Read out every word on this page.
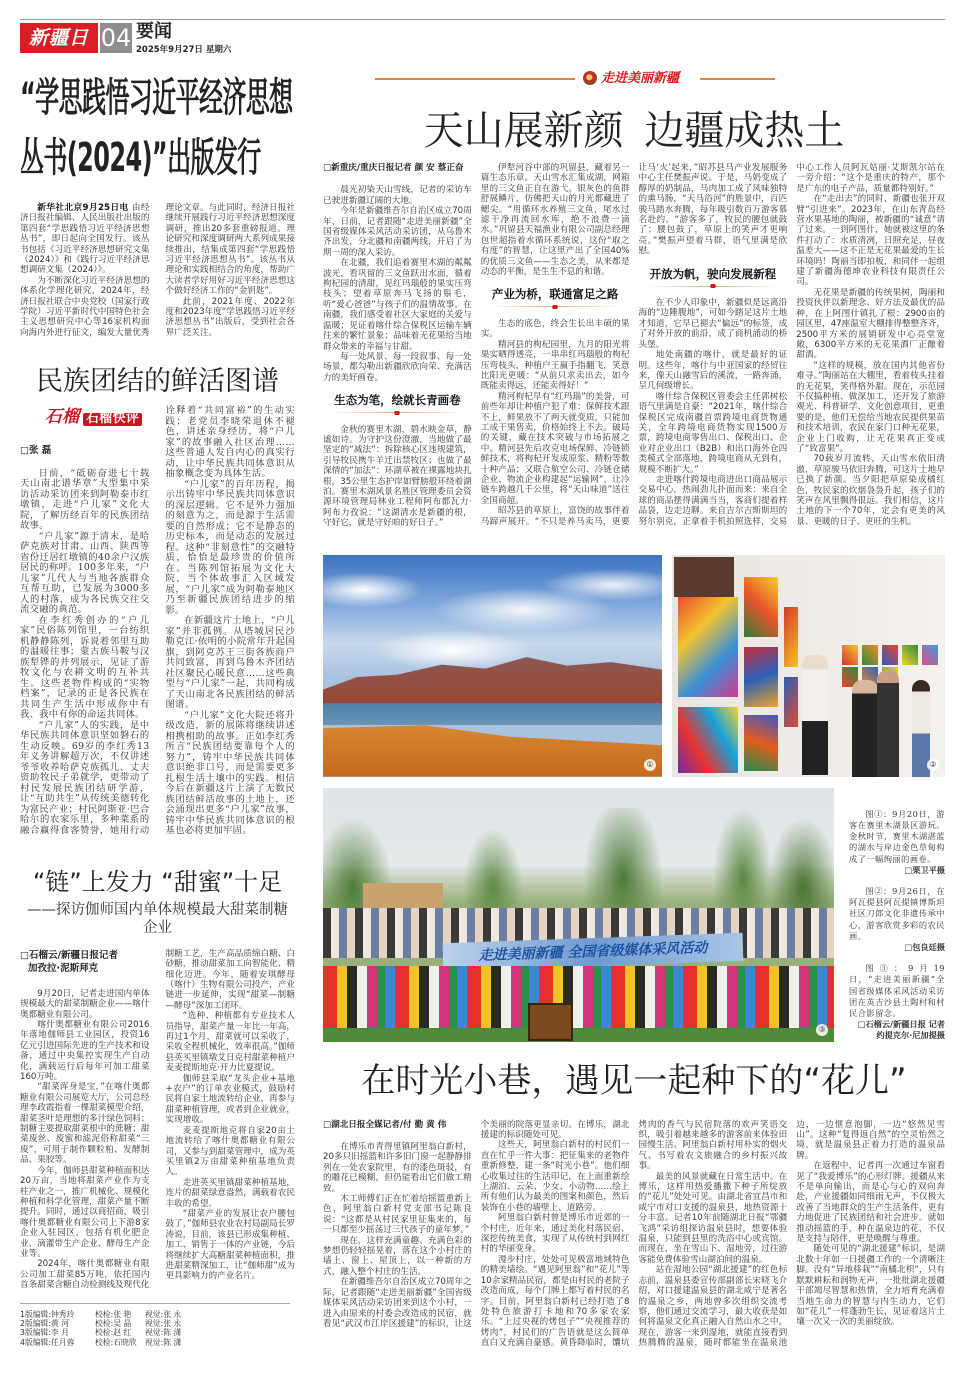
新疆日报
04 要闻
2025年9月27日 星期六
“学思践悟习近平经济思想
丛书(2024)”出版发行

新华社北京9月25日电 由经济日报社编辑、人民出版社出版的第四套“学思践悟习近平经济思想丛书”，即日起向全国发行。该丛书包括《习近平经济思想研究文集（2024）》和《践行习近平经济思想调研文集（2024）》。

为不断深化习近平经济思想的体系化学理化研究，2024年，经济日报社联合中央党校（国家行政学院）习近平新时代中国特色社会主义思想研究中心等16家机构面向海内外进行征文，编发大量优秀理论文章。与此同时，经济日报社继续开展践行习近平经济思想深度调研，推出20多套重磅报道。理论研究和深度调研两大系列成果接续推出，结集成第四套“学思践悟习近平经济思想丛书”。该丛书从理论和实践相结合的角度，帮助广大读者学好用好习近平经济思想这个做好经济工作的“金钥匙”。

此前，2021年度、2022年度和2023年度“学思践悟习近平经济思想丛书”出版后，受到社会各界广泛关注。

民族团结的鲜活图谱
石榴 石榴快评
□张 磊

日前，“砥砺奋进七十载 天山南北谱华章”大型集中采访活动采访团来到阿勒泰市红墩镇，走进“户儿家”文化大院，了解历经百年的民族团结故事。

“户儿家”源于清末，是哈萨克族对甘肃、山西、陕西等省份迁居红墩镇的40余户汉族居民的称呼。100多年来，“户儿家”几代人与当地各族群众互帮互助，已发展为3000多人的村落，成为各民族交往交流交融的典范。

在李红秀创办的“户儿家”民俗陈列馆里，一台纺织机静静陈列，诉说着邻里互助的温暖往事；蒙古族马鞍与汉族犁铧的并列展示，见证了游牧文化与农耕文明的互补共生。这些老物件构成的“实物档案”，记录的正是各民族在共同生产生活中形成你中有我、我中有你的命运共同体。

“户儿家”人的实践，是中华民族共同体意识坚如磐石的生动反映。69岁的李红秀13年义务讲解超万次，不仅讲述爷爷收养哈萨克族孤儿、丈夫资助牧民子弟就学，更带动了村民发展民族团结研学游，让“互助共生”从传统美德转化为富民产业；村民阿斯亚·巴合哈尔的农家乐里，多种菜系的融合赢得食客赞誉，她用行动诠释着“共同富裕”的生动实践；老党员李晓荣退休不褪色，讲述亲身经历，将“户儿家”的故事融入社区治理……这些普通人发自内心的真实行动，让中华民族共同体意识从抽象概念变为具体生活。

“户儿家”的百年历程，揭示出铸牢中华民族共同体意识的深层逻辑。它不是外力强加的刻意为之，而是源于生活需要的自然形成；它不是静态的历史标本，而是动态的发展过程。这种“非刻意性”的交融特质，恰恰是最珍贵的价值所在。当陈列馆拓展为文化大院，当个体故事汇入区域发展，“户儿家”成为阿勒泰地区乃至新疆民族团结进步的缩影。

在新疆这片土地上，“户儿家”并非孤例。从塔城居民沙勒克江·依明的小院常年升起国旗，到阿克苏王三街各族商户共同致富，再到乌鲁木齐团结社区聚民心暖民意……这些典型与“户儿家”一起，共同构成了天山南北各民族团结的鲜活图谱。

“户儿家”文化大院还将升级改造，新的展陈将继续讲述相携相助的故事。正如李红秀所言“民族团结要靠每个人的努力”，铸牢中华民族共同体意识绝非口号，而是需要更多扎根生活土壤中的实践。相信今后在新疆这片上演了无数民族团结鲜活故事的土地上，还会涌现出更多“户儿家”故事，铸牢中华民族共同体意识的根基也必将更加牢固。

“链”上发力 “甜蜜”十足
——探访伽师国内单体规模最大甜菜制糖企业
□石榴云/新疆日报记者
加孜拉·泥斯拜克

9月20日，记者走进国内单体规模最大的甜菜制糖企业——喀什奥都糖业有限公司。

喀什奥都糖业有限公司2016年落地伽师县工业园区，投资16亿元引进国际先进的生产技术和设备，通过中央集控实现生产自动化，满载运行后每年可加工甜菜160万吨。

“甜菜浑身是宝，”在喀什奥都糖业有限公司展览大厅，公司总经理李政霞指着一棵甜菜模型介绍，甜菜茎叶是理想的多汁绿色饲料；制糖主要提取甜菜根中的蔗糖；甜菜废丝、废蜜和滤泥俗称甜菜“三废”，可用于制作颗粒粕、发酵制品、果胶等。

今年，伽师县甜菜种植面积达20万亩，当地将甜菜产业作为支柱产业之一，推广机械化、规模化种植和科学化管理，甜菜产量不断提升。同时，通过以商招商，吸引喀什奥都糖业有限公司上下游8家企业入驻园区，包括有机化肥企业、滴灌带生产企业、酵母生产企业等。

2024年，喀什奥都糖业有限公司加工甜菜85万吨，依托国内首条甜菜含糖自动检测线及现代化制糖工艺，生产高品质绵白糖、白砂糖，推动甜菜加工向智能化、精细化迈进。今年，随着安琪酵母（喀什）生物有限公司投产，产业链进一步延伸，实现“甜菜—制糖—酵母”深加工闭环。

“选种、种植都有专业技术人员指导，甜菜产量一年比一年高，再过1个月，甜菜就可以采收了，采收全程机械化，效率很高。”伽师县英买里镇墩艾日克村甜菜种植户麦麦提斯地克·开力比夏提说。

伽师县采取“龙头企业+基地+农户”的订单农业模式，鼓励村民将自家土地流转给企业，再参与甜菜种植管理，或者到企业就业，实现增收。

麦麦提斯地克将自家20亩土地流转给了喀什奥都糖业有限公司，又参与到甜菜管理中，成为英买里镇2万亩甜菜种植基地负责人。

走进英买里镇甜菜种植基地，连片的甜菜绿意盎然，满载着农民丰收的希望。

“甜菜产业的发展让农户腰包鼓了，”伽师县农业农村局副局长罗涛说，目前，该县已形成集种植、加工、销售于一体的产业链，今后将继续扩大高糖甜菜种植面积，推进甜菜精深加工，让“伽师甜”成为更具影响力的产业名片。

1版编辑:钟秀玲	校检:张 艳 视觉:张 永
2版编辑:黄 河	校检:吴 晶 视觉:张 永
3版编辑:李 月	校检:赵 红 视觉:陈 潇
4版编辑:任月蓉	校检:石晓欣 视觉:陈 潇
走进美丽新疆
天山展新颜 边疆成热土
□新重庆/重庆日报记者 颜 安 蔡正奋

晨光初染天山雪线，记者的采访车已驶进新疆辽阔的大地。

今年是新疆维吾尔自治区成立70周年，日前，记者跟随“走进美丽新疆”全国省级媒体采风活动采访团，从乌鲁木齐出发，分北疆和南疆两线，开启了为期一周的深入采访。

在北疆，我们追着赛里木湖的粼粼波光，看巩留的三文鱼跃出水面，循着枸杞园的清甜，见红玛瑙般的果实压弯枝头；望着草原奔马飞扬的鬃毛，听“爱心爸爸”与孩子们的温情故事。在南疆，我们感受着社区大家庭的关爱与温暖；见证着喀什综合保税区运输车辆往来的繁忙景象；品味着无花果给当地群众带来的幸福与甘甜。

每一处风景、每一段叙事、每一处场景，都勾勒出新疆欣欣向荣、充满活力的美好画卷。

生态为笔，绘就长青画卷

金秋的赛里木湖，碧水映金草，静谧如诗。为守护这份澄澈，当地做了最坚定的“减法”：拆除核心区违规建筑，引导牧民携牛羊迁出禁牧区；也做了最深情的“加法”：环湖草被在裸露地块扎根，35公里生态护岸如臂膀般环绕着湖泊。赛里木湖风景名胜区管理委员会资源环境管理局林业工程师阿布都瓦力·阿布力孜说：“这湖清水是新疆的根，守好它，就是守好咱的好日子。”

伊犁河谷中部的巩留县，藏着另一篇生态乐章。天山雪水汇集成湖，网箱里的三文鱼正自在游弋。银灰色的鱼群舒展鳞片，仿佛把天山的月光都藏进了鳃尖。“用循环水养殖三文鱼，尾水过滤干净再流回水库，绝不浪费一滴水。”巩留县天福渔业有限公司副总经理包世超指着水循环系统说，这份“取之有度”的智慧，让这里产出了全国40%的优质三文鱼——生态之美，从来都是动态的平衡，是生生不息的和谐。

产业为桥，联通富足之路

生态的底色，终会生长出丰硕的果实。

精河县的枸杞园里，九月的阳光将果实晒得透亮，一串串红玛瑙般的枸杞压弯枝头，种植户王嬴手指翻飞，笑意比阳光更暖：“从前只求卖出去，如今既能卖得远，还能卖得好！”

精河枸杞早有“红玛瑙”的美誉，可前些年却让种植户犯了难：保鲜技术跟不上，鲜果放不了两天就变质，只能加工成干果售卖，价格始终上不去。破局的关键，藏在技术突破与市场拓展之中。精河县先后攻克电场保鲜、冷链锁鲜技术，将枸杞开发成原浆、精粉等数十种产品；又联合航空公司、冷链仓储企业、物流企业构建起“运输网”，让冷链车跨越几千公里，将“天山味道”送往全国商超。

昭苏县的草原上，富饶的故事伴着马蹄声展开。“不只是养马卖马，更要让马‘火’起来，”昭苏县马产业发展服务中心主任樊振声说。于是，马奶变成了醇厚的奶制品，马肉加工成了风味独特的熏马肠，“天马浴河”的胜景中，百匹骏马踏水奔腾，每年吸引数百万游客慕名赴约。“游客多了，牧民的腰包就鼓了；腰包鼓了，草原上的笑声才更响亮。”樊振声望着马群，语气里满是欣慰。

开放为帆，驶向发展新程

在不少人印象中，新疆似是远离沿海的“边陲腹地”，可如今踏足这片土地才知道，它早已褪去“偏远”的标签，成了对外开放的前沿，成了商机涌动的桥头堡。

地处南疆的喀什，就是最好的证明。这些年，喀什与中亚国家的经贸往来，像天山融雪后的溪流，一路奔涌，呈几何级增长。

喀什综合保税区管委会主任郭树松语气里满是自豪：“2021年，喀什综合保税区完成南疆首票跨境电商货物通关，全年跨境电商货物实现1500万票，跨境电商零售出口、保税出口、企业对企业出口（B2B）和出口海外仓四类模式全部落地，跨境电商从无到有，规模不断扩大。”

走进喀什跨境电商进出口商品展示交易中心，热闹劲儿扑面而来：来自全球的商品摆得满满当当，客商们提着样品袋，边走边聊。来自吉尔吉斯斯坦的努尔别克，正拿着手机拍照选样，交易中心工作人员阿瓦姑丽·艾斯凯尔站在一旁介绍：“这个是重庆的特产，那个是广东的电子产品，质量都特别好。”

在“走出去”的同时，新疆也张开双臂“引进来”。2023年，在山东青岛经营水果基地的陶丽，被新疆的“诚意”请了过来。一到阿图什，她就被这里的条件打动了：水质清冽，日照充足，昼夜温差大——这不正是无花果最爱的生长环境吗！陶丽当即拍板，和同伴一起组建了新疆海德坤农业科技有限责任公司。

无花果是新疆的传统果树，陶丽和投资伙伴以新理念、好方法及最优的品种，在上阿图什镇扎了根：2900亩的园区里，47座温室大棚排得整整齐齐，2500平方米的展销研发中心亮堂宽敞，6300平方米的无花果酒厂正酿着甜酒。

“这样的规模，放在国内其他省份难寻。”陶丽站在大棚里，看着枝头挂着的无花果，笑得格外甜。现在，示范园不仅搞种植、做深加工，还开发了旅游观光、科普研学、文化创意项目，更重要的是，他们无偿给当地农民提供果苗和技术培训，农民在家门口种无花果，企业上门收购，让无花果真正变成了“致富果”。

70载岁月流转，天山雪水依旧清澈，草原骏马依旧奔腾，可这片土地早已换了新颜。当夕阳把草原染成橘红色，牧民家的炊烟袅袅升起，孩子们的笑声在风里飘得很远。我们相信，这片土地的下一个70年，定会有更美的风景、更暖的日子、更旺的生机。

①	②
走进美丽新疆 全国省级媒体采风活动
③

图①：9月20日，游客在赛里木湖景区游玩。金秋时节，赛里木湖湛蓝的湖水与岸边金色草甸构成了一幅绚丽的画卷。
□栗卫平摄

图②：9月26日，在阿瓦提县阿瓦提镇博斯坦社区刀郎文化非遗传承中心，游客欣赏多彩的农民画。
□包良廷摄

图③：9月19日，“走进美丽新疆”全国省级媒体采风活动采访团在英吉沙县土陶村和村民合影留念。
□石榴云/新疆日报 记者 约提克尔·尼加提摄

在时光小巷，遇见一起种下的“花儿”
□湖北日报全媒记者/付 勤 黄 伟

在博乐市青得里镇阿里翁白新村，20多只旧摇篮和许多旧门窗一起静静排列在一处农家院里，有的漆色斑驳，有的雕花已模糊，但仍能看出它们做工精致。

木工师傅们正在忙着给摇篮重新上色，阿里翁白新村党支部书记陈良说：“这都是从村民家里征集来的，每一只都至少摇荡过三代孩子的童年梦。”

现在，这样充满童趣、充满色彩的梦想仍轻轻摇晃着，落在这个小村庄的墙上、窗上、屋顶上，以一种新的方式，融入整个村庄的生活。

在新疆维吾尔自治区成立70周年之际，记者跟随“走进美丽新疆”全国省级媒体采风活动采访团来到这个小村，一进入由原来的村委会改造成的民宿，就看见“武汉市江岸区援建”的标识，让这个美丽的院落更显亲切。在博乐，湖北援建的标识随处可见。

这些天，阿里翁白新村的村民们一直在忙乎一件大事：把征集来的老物件重新修整，建一条“时光小巷”。他们细心收集过往的生活印记，在上面重新绘上湖泊、云朵、少女、小动物……绘上所有他们认为最美的图案和颜色，然后装饰在小巷的墙壁上、道路旁。

阿里翁白新村曾是博乐市近郊的一个村庄，近年来，通过美化村落民宿、深挖传统美食，实现了从传统村到网红村的华丽变身。

漫步村庄，处处可见极富地域特色的精美墙绘。“遇见阿里翁”和“花儿”等10余家精品民宿，都是由村民的老院子改造而成，每个门牌上都写着村民的名字。目前，阿里翁白新村已经打造了8处特色旅游打卡地和70多家农家乐。“上过央视的烤包子”“央视推荐的烤肉”，村民们的广告语就是这么简单直白又充满自豪感。黄昏降临时，馕坑烤肉的香气与民宿院落的欢声笑语交织，吸引着越来越多的游客前来体验田园慢生活。阿里翁白新村用朴实的烟火气、书写着农文旅融合的乡村振兴故事。

最美的风景就藏在日常生活中。在博乐，这样用热爱播撒下种子所绽放的“花儿”处处可见。由湖北省宜昌市和咸宁市对口支援的温泉县，地热资源十分丰富。记者10年前随湖北日报“鄂疆飞鸿”采访组探访温泉县时，想要体验温泉，只能到县里的洗浴中心或宾馆。而现在，坐在雪山下、湿地旁，过往游客能免费体验雪山湖泊间的温泉。

站在湿地公园“湖北援建”的红色标志前，温泉县委宣传部副部长宋晓飞介绍，对口援建温泉县的湖北咸宁是著名的温泉之乡，两地曾多次组织交流考察，他们通过交流学习，最大收获是如何将温泉文化真正融入自然山水之中。现在，游客一来到湿地，就能直接看到热腾腾的温泉，随时都能坐在温泉池边，一边惬意泡脚，一边“悠然见雪山”。这种“复得返自然”的空灵怡然之境，就是温泉县正着力打造的温泉品牌。

在返程中，记者再一次通过车窗看见了“我爱博乐”的心形灯牌。援疆从来不是单向输出，而是心与心的双向奔赴，产业援疆如同细雨无声，不仅极大改善了当地群众的生产生活条件，更有力地促进了民族团结和社会进步。就如推动摇篮的手，种在温泉边的花，不仅是支持与陪伴，更是唤醒与尊重。

随处可见的“湖北援建”标识，是湖北数十年如一日援疆工作的一个清晰注脚。没有“异地移栽”“南橘北枳”，只有默默耕耘和润物无声，一批批湖北援疆干部竭尽智慧和热情，全力培育充满着当地生命力的智慧与内生动力，它们如“花儿”一样蓬勃生长，见证着这片土壤一次又一次的美丽绽放。
